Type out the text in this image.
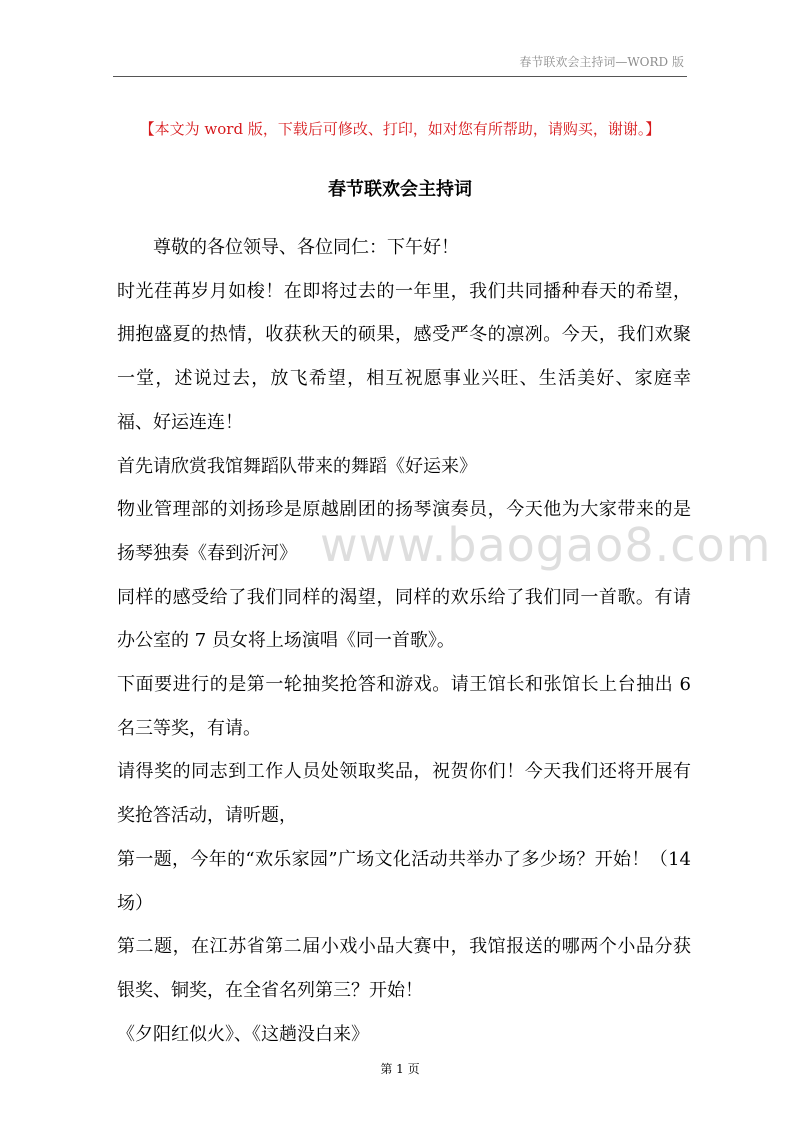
春节联欢会主持词—WORD 版
【本文为 word 版，下载后可修改、打印，如对您有所帮助，请购买，谢谢。】
春节联欢会主持词
www.baogao8.com

尊敬的各位领导、各位同仁：下午好！

时光荏苒岁月如梭！在即将过去的一年里，我们共同播种春天的希望，拥抱盛夏的热情，收获秋天的硕果，感受严冬的凛冽。今天，我们欢聚一堂，述说过去，放飞希望，相互祝愿事业兴旺、生活美好、家庭幸福、好运连连！

首先请欣赏我馆舞蹈队带来的舞蹈《好运来》

物业管理部的刘扬珍是原越剧团的扬琴演奏员，今天他为大家带来的是扬琴独奏《春到沂河》

同样的感受给了我们同样的渴望，同样的欢乐给了我们同一首歌。有请办公室的 7 员女将上场演唱《同一首歌》。

下面要进行的是第一轮抽奖抢答和游戏。请王馆长和张馆长上台抽出 6 名三等奖，有请。

请得奖的同志到工作人员处领取奖品，祝贺你们！今天我们还将开展有奖抢答活动，请听题，

第一题，今年的“欢乐家园”广场文化活动共举办了多少场？开始！（14 场）

第二题，在江苏省第二届小戏小品大赛中，我馆报送的哪两个小品分获银奖、铜奖，在全省名列第三？开始！

《夕阳红似火》、《这趟没白来》

第 1 页
